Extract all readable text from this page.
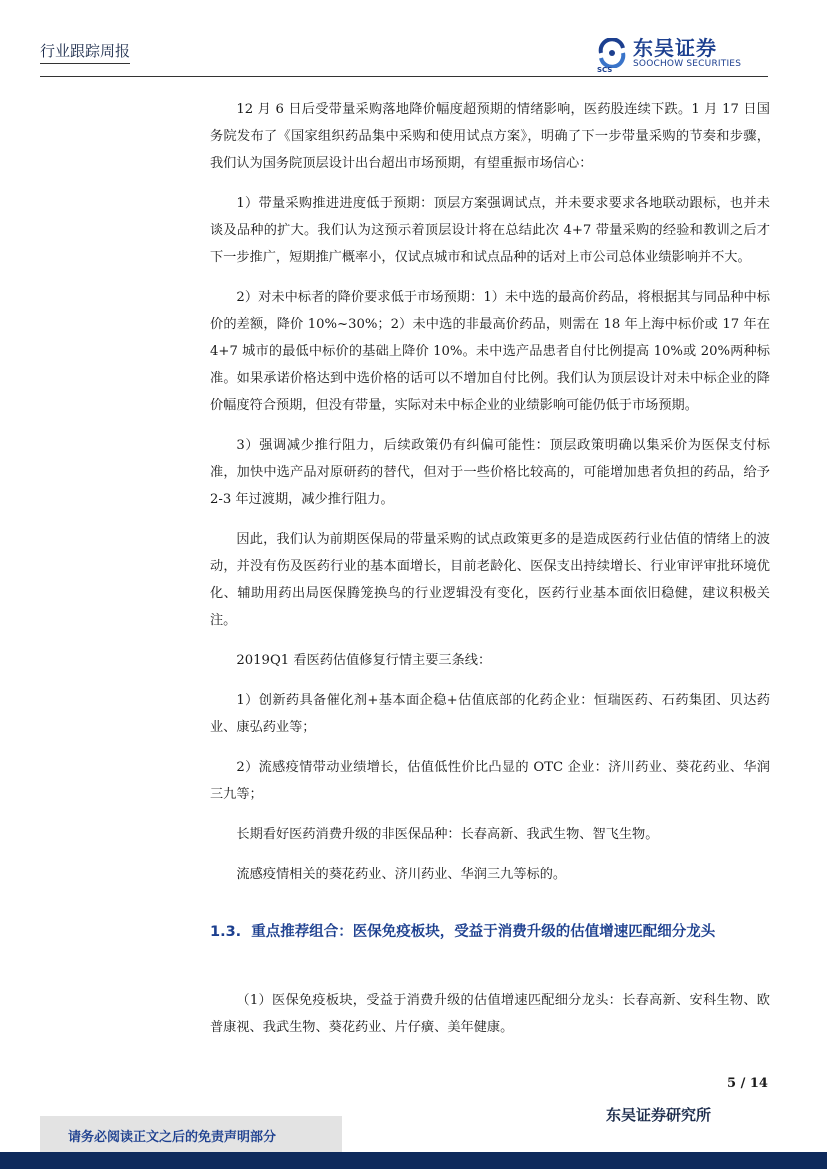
行业跟踪周报	东吴证券
SOOCHOW SECURITIES
SCS

12 月 6 日后受带量采购落地降价幅度超预期的情绪影响，医药股连续下跌。1 月 17 日国务院发布了《国家组织药品集中采购和使用试点方案》，明确了下一步带量采购的节奏和步骤，我们认为国务院顶层设计出台超出市场预期，有望重振市场信心：

1）带量采购推进进度低于预期：顶层方案强调试点，并未要求要求各地联动跟标，也并未谈及品种的扩大。我们认为这预示着顶层设计将在总结此次 4+7 带量采购的经验和教训之后才下一步推广，短期推广概率小，仅试点城市和试点品种的话对上市公司总体业绩影响并不大。

2）对未中标者的降价要求低于市场预期：1）未中选的最高价药品，将根据其与同品种中标价的差额，降价 10%~30%；2）未中选的非最高价药品，则需在 18 年上海中标价或 17 年在 4+7 城市的最低中标价的基础上降价 10%。未中选产品患者自付比例提高 10%或 20%两种标准。如果承诺价格达到中选价格的话可以不增加自付比例。我们认为顶层设计对未中标企业的降价幅度符合预期，但没有带量，实际对未中标企业的业绩影响可能仍低于市场预期。

3）强调减少推行阻力，后续政策仍有纠偏可能性：顶层政策明确以集采价为医保支付标准，加快中选产品对原研药的替代，但对于一些价格比较高的，可能增加患者负担的药品，给予 2-3 年过渡期，减少推行阻力。

因此，我们认为前期医保局的带量采购的试点政策更多的是造成医药行业估值的情绪上的波动，并没有伤及医药行业的基本面增长，目前老龄化、医保支出持续增长、行业审评审批环境优化、辅助用药出局医保腾笼换鸟的行业逻辑没有变化，医药行业基本面依旧稳健，建议积极关注。

2019Q1 看医药估值修复行情主要三条线：

1）创新药具备催化剂+基本面企稳+估值底部的化药企业：恒瑞医药、石药集团、贝达药业、康弘药业等；

2）流感疫情带动业绩增长，估值低性价比凸显的 OTC 企业：济川药业、葵花药业、华润三九等；

长期看好医药消费升级的非医保品种：长春高新、我武生物、智飞生物。

流感疫情相关的葵花药业、济川药业、华润三九等标的。

1.3. 重点推荐组合：医保免疫板块，受益于消费升级的估值增速匹配细分龙头
（1）医保免疫板块，受益于消费升级的估值增速匹配细分龙头：长春高新、安科生物、欧普康视、我武生物、葵花药业、片仔癀、美年健康。
5 / 14
东吴证券研究所
请务必阅读正文之后的免责声明部分
